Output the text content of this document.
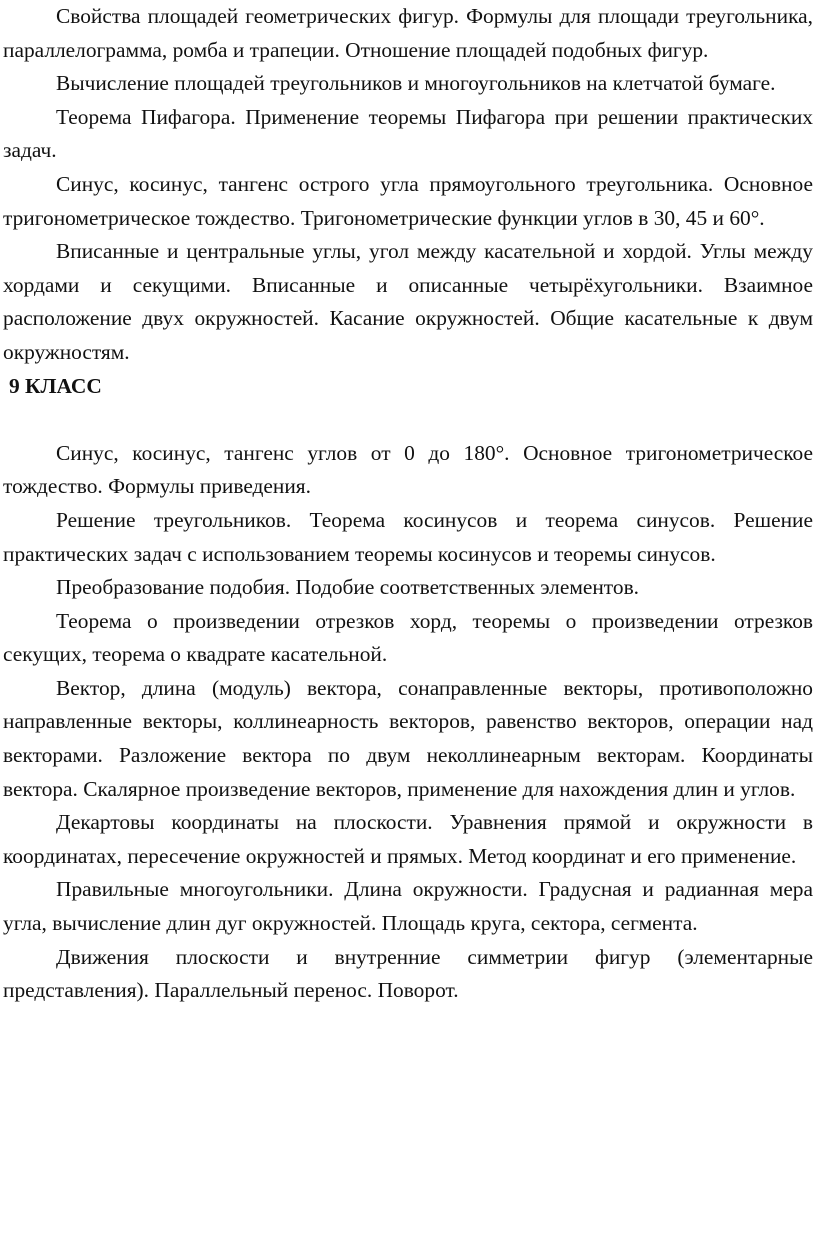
Свойства площадей геометрических фигур. Формулы для площади треугольника, параллелограмма, ромба и трапеции. Отношение площадей подобных фигур.

Вычисление площадей треугольников и многоугольников на клетчатой бумаге.

Теорема Пифагора. Применение теоремы Пифагора при решении практических задач.

Синус, косинус, тангенс острого угла прямоугольного треугольника. Основное тригонометрическое тождество. Тригонометрические функции углов в 30, 45 и 60°.

Вписанные и центральные углы, угол между касательной и хордой. Углы между хордами и секущими. Вписанные и описанные четырёхугольники. Взаимное расположение двух окружностей. Касание окружностей. Общие касательные к двум окружностям.

9 КЛАСС

Синус, косинус, тангенс углов от 0 до 180°. Основное тригонометрическое тождество. Формулы приведения.

Решение треугольников. Теорема косинусов и теорема синусов. Решение практических задач с использованием теоремы косинусов и теоремы синусов.

Преобразование подобия. Подобие соответственных элементов.

Теорема о произведении отрезков хорд, теоремы о произведении отрезков секущих, теорема о квадрате касательной.

Вектор, длина (модуль) вектора, сонаправленные векторы, противоположно направленные векторы, коллинеарность векторов, равенство векторов, операции над векторами. Разложение вектора по двум неколлинеарным векторам. Координаты вектора. Скалярное произведение векторов, применение для нахождения длин и углов.

Декартовы координаты на плоскости. Уравнения прямой и окружности в координатах, пересечение окружностей и прямых. Метод координат и его применение.

Правильные многоугольники. Длина окружности. Градусная и радианная мера угла, вычисление длин дуг окружностей. Площадь круга, сектора, сегмента.

Движения плоскости и внутренние симметрии фигур (элементарные представления). Параллельный перенос. Поворот.
